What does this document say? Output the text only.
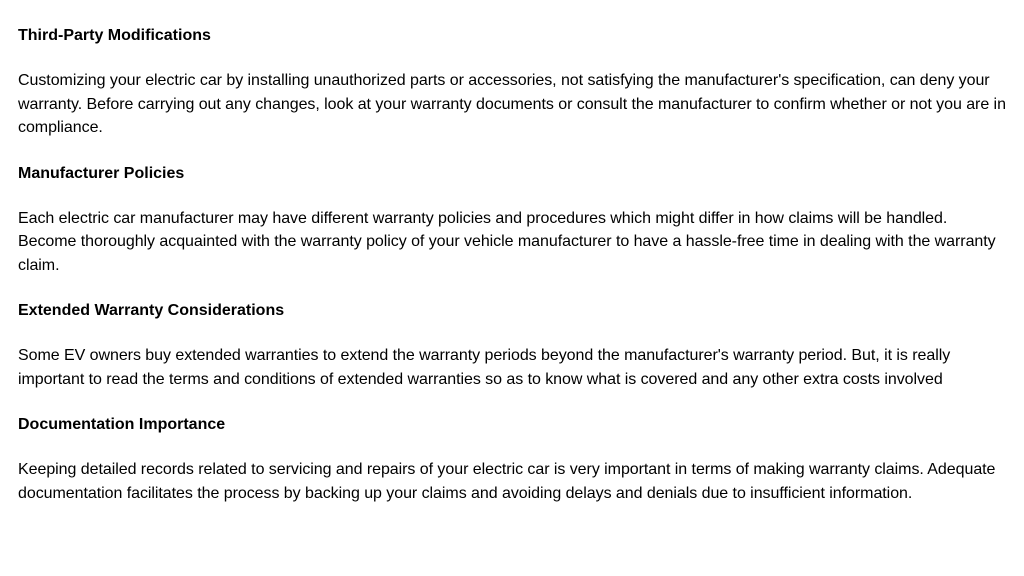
Third-Party Modifications

Customizing your electric car by installing unauthorized parts or accessories, not satisfying the manufacturer's specification, can deny your warranty. Before carrying out any changes, look at your warranty documents or consult the manufacturer to confirm whether or not you are in compliance.

Manufacturer Policies

Each electric car manufacturer may have different warranty policies and procedures which might differ in how claims will be handled. Become thoroughly acquainted with the warranty policy of your vehicle manufacturer to have a hassle-free time in dealing with the warranty claim.

Extended Warranty Considerations

Some EV owners buy extended warranties to extend the warranty periods beyond the manufacturer's warranty period. But, it is really important to read the terms and conditions of extended warranties so as to know what is covered and any other extra costs involved

Documentation Importance

Keeping detailed records related to servicing and repairs of your electric car is very important in terms of making warranty claims. Adequate documentation facilitates the process by backing up your claims and avoiding delays and denials due to insufficient information.
